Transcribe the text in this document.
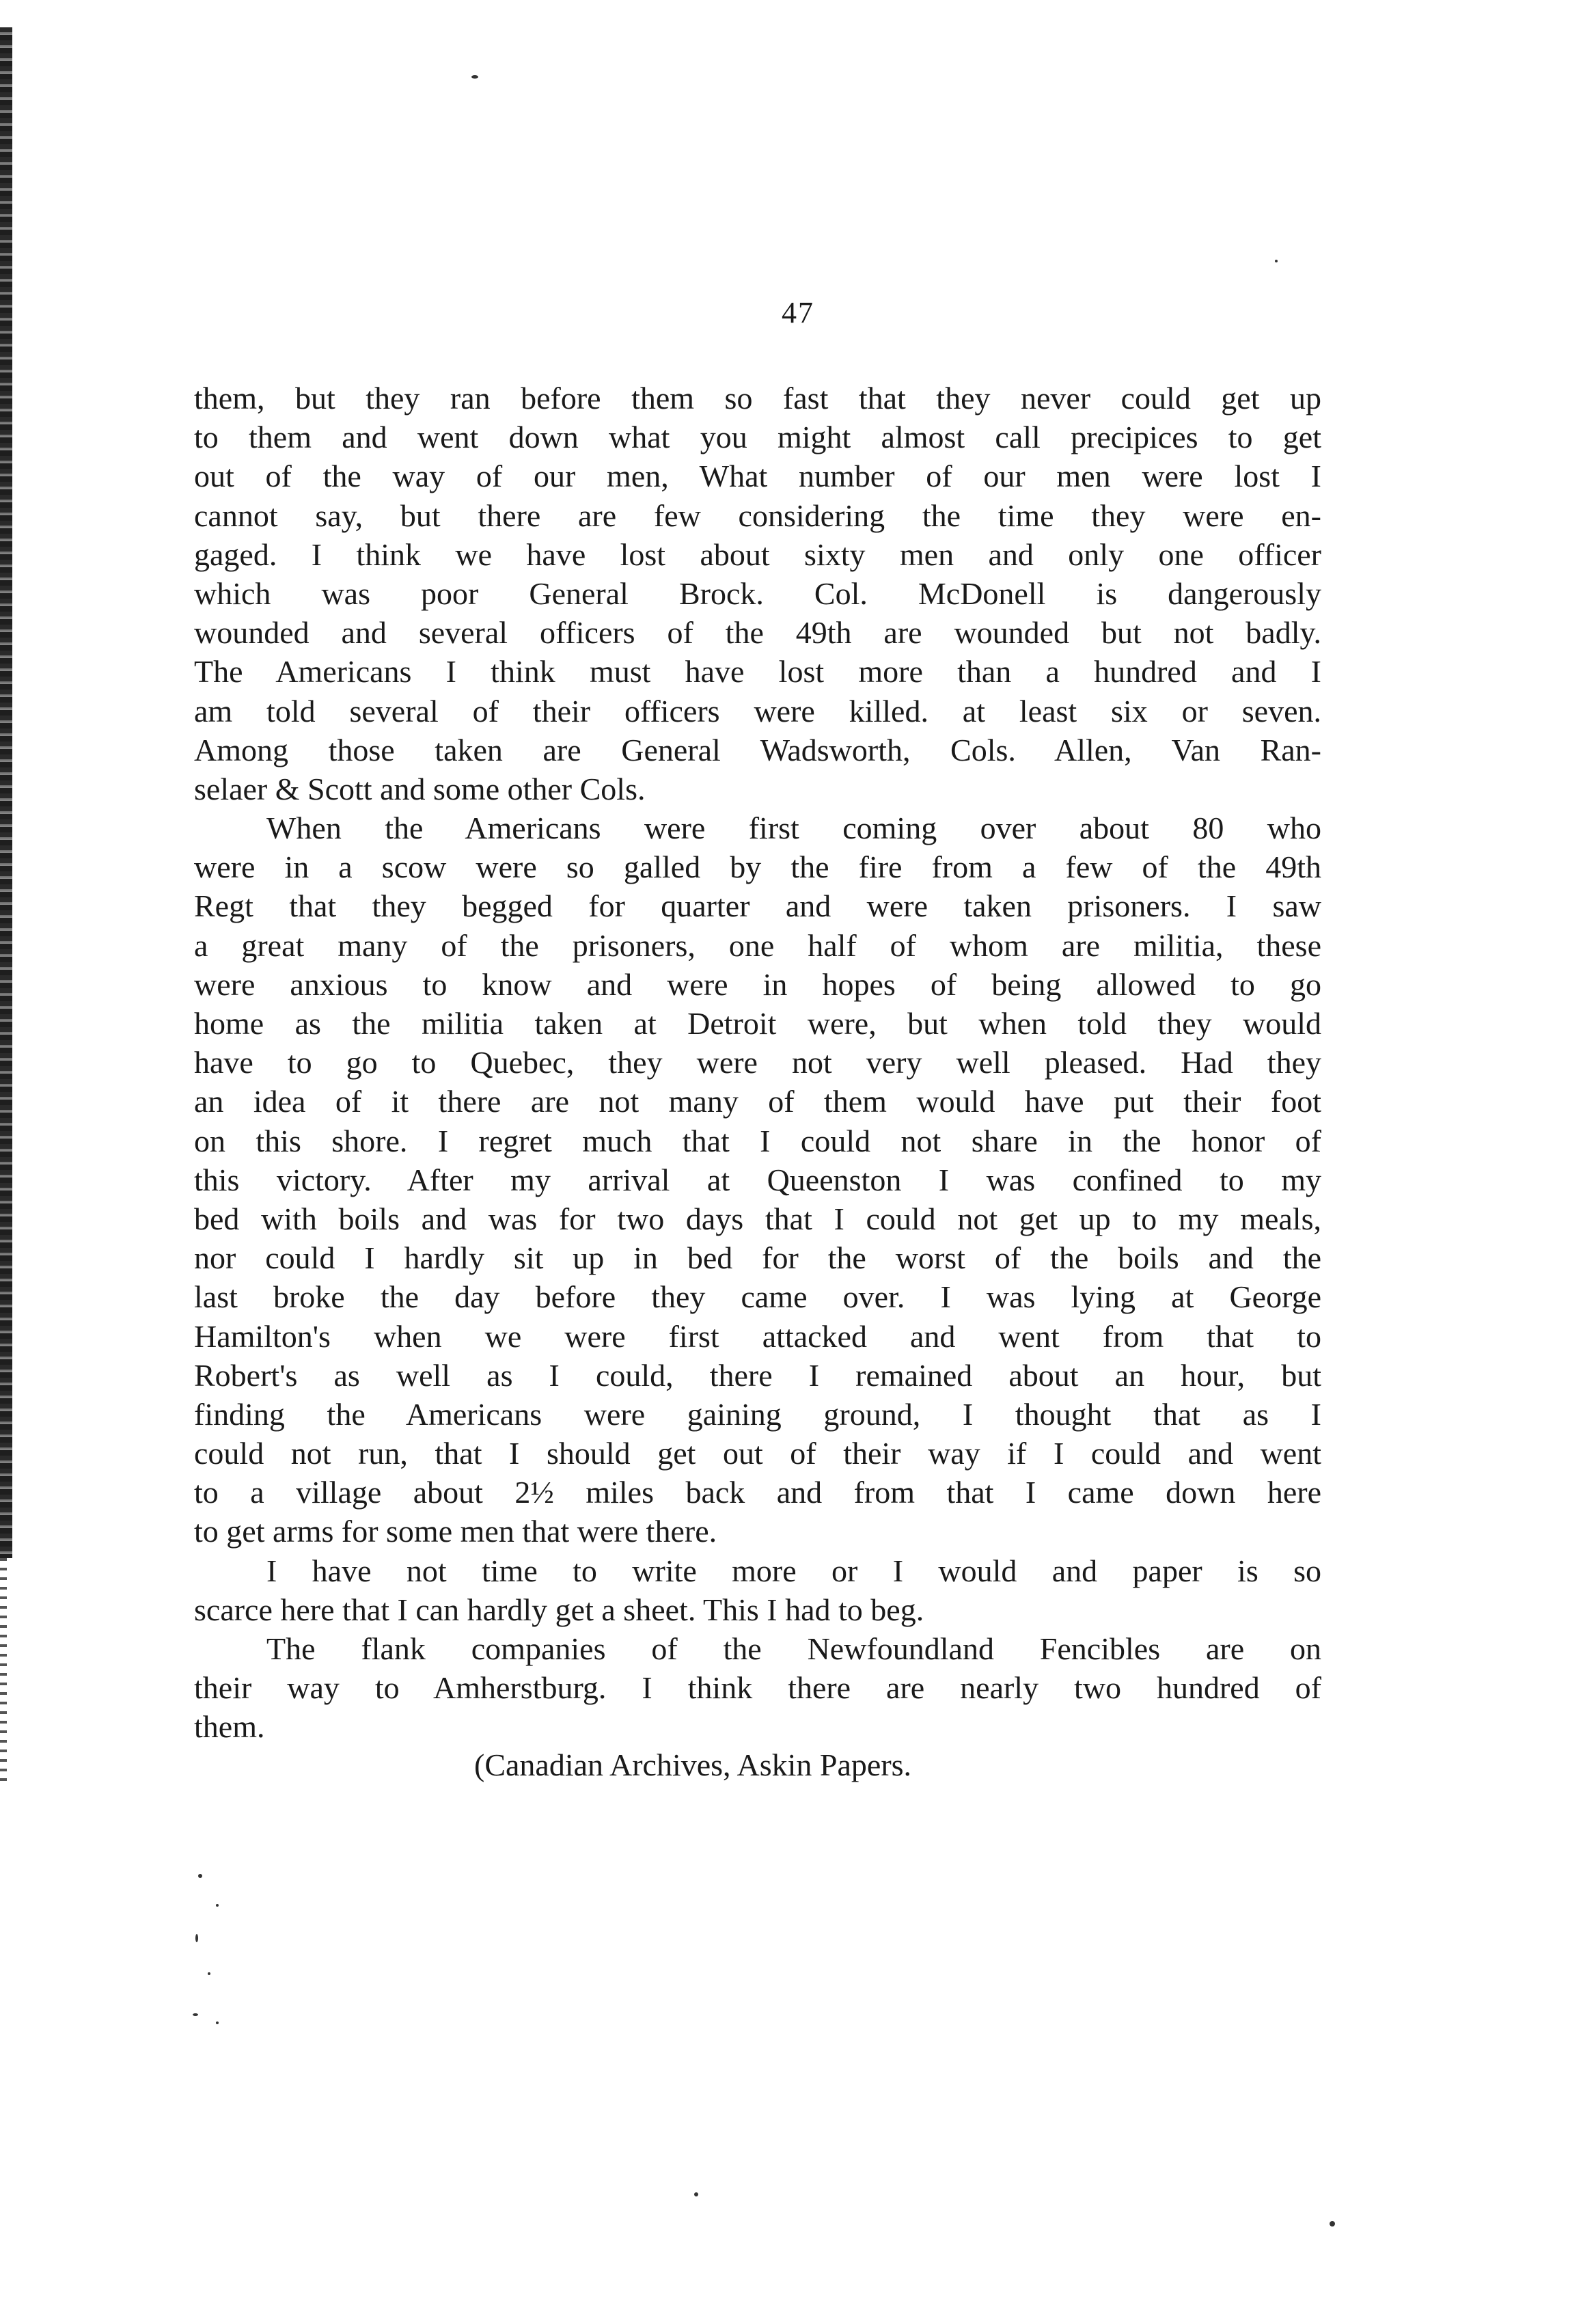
47
them, but they ran before them so fast that they never could get up
to them and went down what you might almost call precipices to get
out of the way of our men, What number of our men were lost I
cannot say, but there are few considering the time they were en-
gaged. I think we have lost about sixty men and only one officer
which was poor General Brock. Col. McDonell is dangerously
wounded and several officers of the 49th are wounded but not badly.
The Americans I think must have lost more than a hundred and I
am told several of their officers were killed. at least six or seven.
Among those taken are General Wadsworth, Cols. Allen, Van Ran-
selaer & Scott and some other Cols.
When the Americans were first coming over about 80 who
were in a scow were so galled by the fire from a few of the 49th
Regt that they begged for quarter and were taken prisoners. I saw
a great many of the prisoners, one half of whom are militia, these
were anxious to know and were in hopes of being allowed to go
home as the militia taken at Detroit were, but when told they would
have to go to Quebec, they were not very well pleased. Had they
an idea of it there are not many of them would have put their foot
on this shore. I regret much that I could not share in the honor of
this victory. After my arrival at Queenston I was confined to my
bed with boils and was for two days that I could not get up to my meals,
nor could I hardly sit up in bed for the worst of the boils and the
last broke the day before they came over. I was lying at George
Hamilton's when we were first attacked and went from that to
Robert's as well as I could, there I remained about an hour, but
finding the Americans were gaining ground, I thought that as I
could not run, that I should get out of their way if I could and went
to a village about 2½ miles back and from that I came down here
to get arms for some men that were there.
I have not time to write more or I would and paper is so
scarce here that I can hardly get a sheet. This I had to beg.
The flank companies of the Newfoundland Fencibles are on
their way to Amherstburg. I think there are nearly two hundred of
them.
(Canadian Archives, Askin Papers.
